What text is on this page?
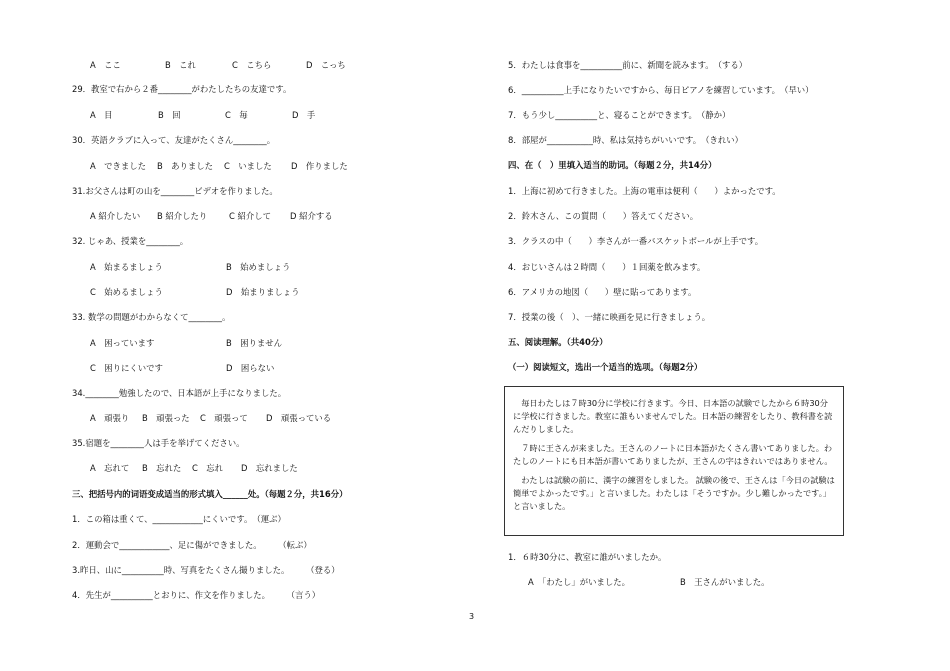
A　ここ	B　これ	C　こちら	D　こっち
29．教室で右から２番________がわたしたちの友達です。
A　目	B　回	C　毎	D　手
30．英語クラブに入って、友達がたくさん________。
A　できました B　ありました C　いました D　作りました
31.お父さんは町の山を________ビデオを作りました。
A 紹介したい B 紹介したり	C 紹介して D 紹介する
32. じゃあ、授業を________。
A　始まるましょう	B　始めましょう
C　始めるましょう	D　始まりましょう
33. 数学の問題がわからなくて________。
A　困っています	B　困りません
C　困りにくいです	D　困らない
34.________勉強したので、日本語が上手になりました。
A　頑張り B　頑張った C　頑張って D　頑張っている
35.宿題を________人は手を挙げてください。
A　忘れて B　忘れた C　忘れ D　忘れました
三、把括号内的词语变成适当的形式填入______处。（每题２分，共16分）
1．この箱は重くて、____________にくいです。　（運ぶ）
2．運動会で____________、足に傷ができました。　　　（転ぶ）
3.昨日、山に__________時、写真をたくさん撮りました。　　　（登る）
4．先生が__________とおりに、作文を作りました。　　　（言う）
5．わたしは食事を__________前に、新聞を読みます。　（する）
6．__________上手になりたいですから、毎日ピアノを練習しています。　（早い）
7．もう少し__________と、寝ることができます。　（静か）
8．部屋が___________時、私は気持ちがいいです。　（きれい）
四、在（　）里填入适当的助词。（每题２分，共14分）
1．上海に初めて行きました。上海の電車は便利（　　）よかったです。
2．鈴木さん、この質問（　　）答えてください。
3．クラスの中（　　）李さんが一番バスケットボールが上手です。
4．おじいさんは２時間（　　）１回薬を飲みます。
6．アメリカの地図（　　）壁に貼ってあります。
7．授業の後（　）、一緒に映画を見に行きましょう。
五、阅读理解。（共40分）
（一）阅读短文，选出一个适当的选项。（每题2分）

毎日わたしは７時30分に学校に行きます。今日、日本語の試験でしたから６時30分に学校に行きました。教室に誰もいませんでした。日本語の練習をしたり、教科書を読んだりしました。

７時に王さんが来ました。王さんのノートに日本語がたくさん書いてありました。わたしのノートにも日本語が書いてありましたが、王さんの字はきれいではありません。

わたしは試験の前に、漢字の練習をしました。 試験の後で、王さんは「今日の試験は簡単でよかったです。」と言いました。わたしは「そうですか。少し難しかったです。」と言いました。

1．６時30分に、教室に誰がいましたか。
A　「わたし」がいました。	B　王さんがいました。
3
